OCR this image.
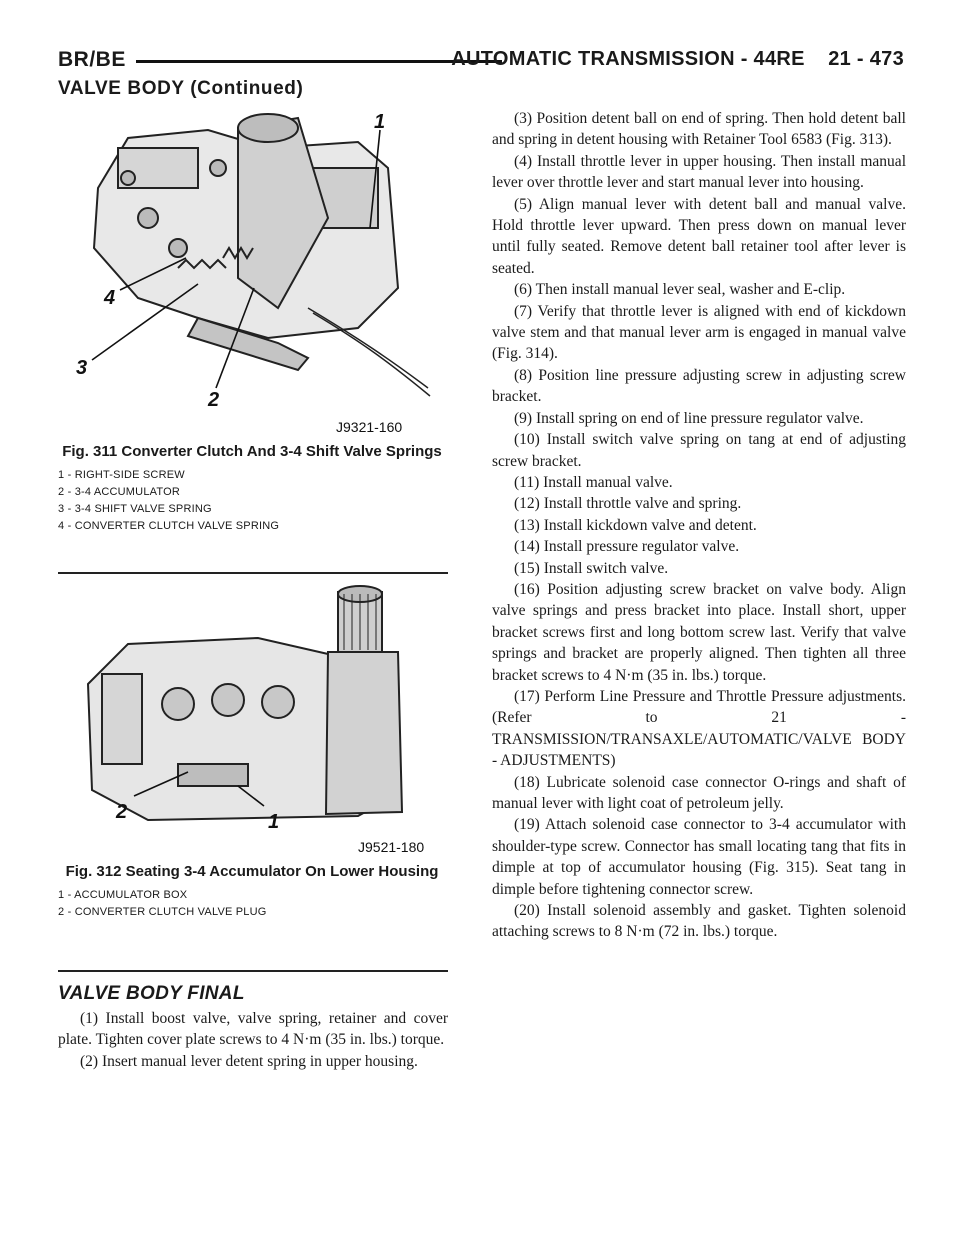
BR/BE	AUTOMATIC TRANSMISSION - 44RE    21 - 473
VALVE BODY (Continued)
1
4
3
2
J9321-160
Fig. 311 Converter Clutch And 3-4 Shift Valve Springs
1 - RIGHT-SIDE SCREW
2 - 3-4 ACCUMULATOR
3 - 3-4 SHIFT VALVE SPRING
4 - CONVERTER CLUTCH VALVE SPRING
2	1
J9521-180
Fig. 312 Seating 3-4 Accumulator On Lower Housing
1 - ACCUMULATOR BOX
2 - CONVERTER CLUTCH VALVE PLUG
VALVE BODY FINAL

(1) Install boost valve, valve spring, retainer and cover plate. Tighten cover plate screws to 4 N·m (35 in. lbs.) torque.

(2) Insert manual lever detent spring in upper housing.

(3) Position detent ball on end of spring. Then hold detent ball and spring in detent housing with Retainer Tool 6583 (Fig. 313).

(4) Install throttle lever in upper housing. Then install manual lever over throttle lever and start manual lever into housing.

(5) Align manual lever with detent ball and manual valve. Hold throttle lever upward. Then press down on manual lever until fully seated. Remove detent ball retainer tool after lever is seated.

(6) Then install manual lever seal, washer and E-clip.

(7) Verify that throttle lever is aligned with end of kickdown valve stem and that manual lever arm is engaged in manual valve (Fig. 314).

(8) Position line pressure adjusting screw in adjusting screw bracket.

(9) Install spring on end of line pressure regulator valve.

(10) Install switch valve spring on tang at end of adjusting screw bracket.

(11) Install manual valve.

(12) Install throttle valve and spring.

(13) Install kickdown valve and detent.

(14) Install pressure regulator valve.

(15) Install switch valve.

(16) Position adjusting screw bracket on valve body. Align valve springs and press bracket into place. Install short, upper bracket screws first and long bottom screw last. Verify that valve springs and bracket are properly aligned. Then tighten all three bracket screws to 4 N·m (35 in. lbs.) torque.

(17) Perform Line Pressure and Throttle Pressure adjustments. (Refer to 21 - TRANSMISSION/TRANSAXLE/AUTOMATIC/VALVE BODY - ADJUSTMENTS)

(18) Lubricate solenoid case connector O-rings and shaft of manual lever with light coat of petroleum jelly.

(19) Attach solenoid case connector to 3-4 accumulator with shoulder-type screw. Connector has small locating tang that fits in dimple at top of accumulator housing (Fig. 315). Seat tang in dimple before tightening connector screw.

(20) Install solenoid assembly and gasket. Tighten solenoid attaching screws to 8 N·m (72 in. lbs.) torque.
